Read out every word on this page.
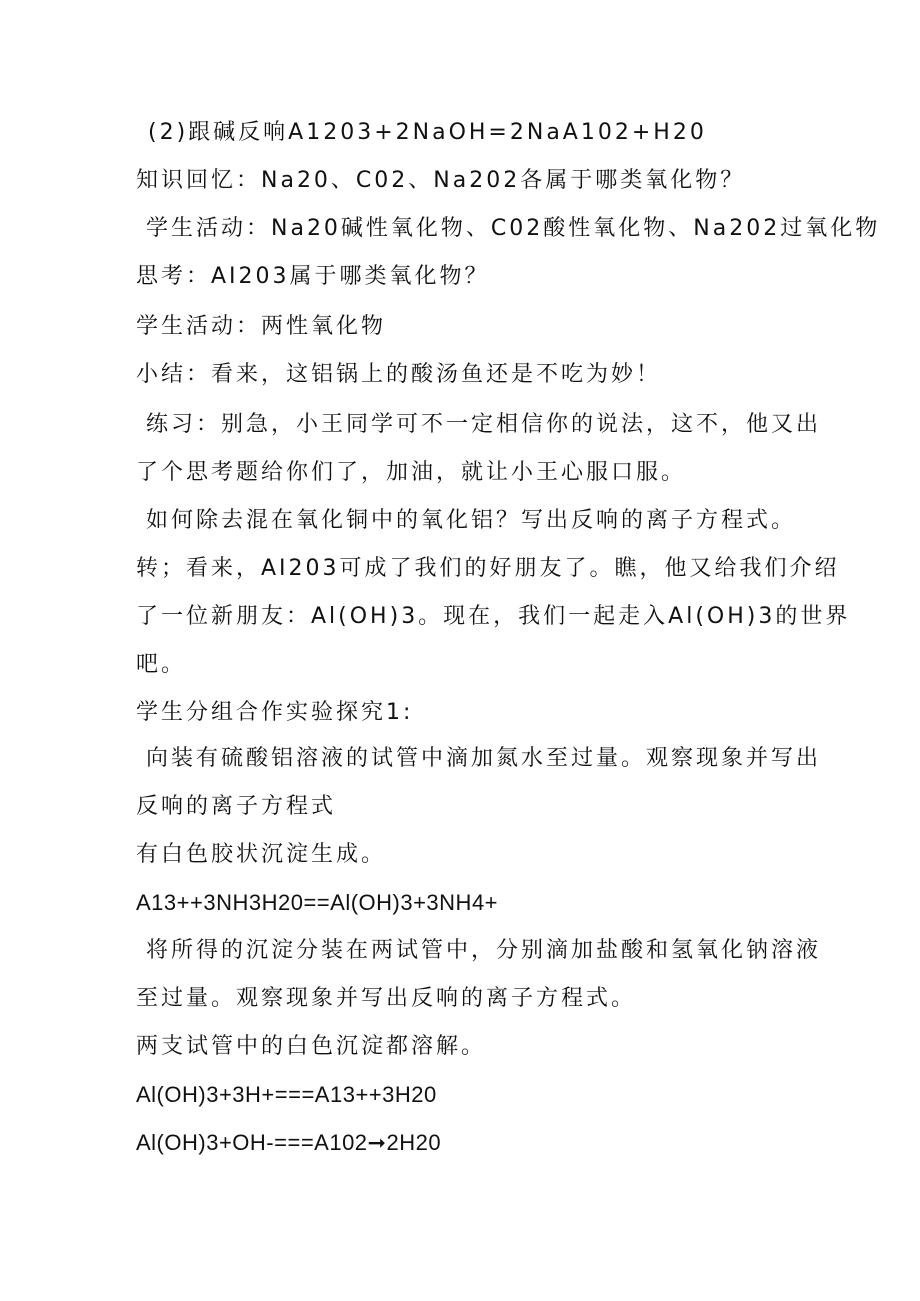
(2)跟碱反响A1203+2NaOH=2NaA102+H20
知识回忆：Na20、C02、Na202各属于哪类氧化物？
学生活动：Na20碱性氧化物、C02酸性氧化物、Na202过氧化物
思考：AI203属于哪类氧化物？
学生活动：两性氧化物
小结：看来，这铝锅上的酸汤鱼还是不吃为妙！
练习：别急，小王同学可不一定相信你的说法，这不，他又出
了个思考题给你们了，加油，就让小王心服口服。
如何除去混在氧化铜中的氧化铝？写出反响的离子方程式。
转；看来，AI203可成了我们的好朋友了。瞧，他又给我们介绍
了一位新朋友：Al(OH)3。现在，我们一起走入Al(OH)3的世界
吧。
学生分组合作实验探究1:
向装有硫酸铝溶液的试管中滴加氮水至过量。观察现象并写出
反响的离子方程式
有白色胶状沉淀生成。
A13++3NH3H20==Al(OH)3+3NH4+
将所得的沉淀分装在两试管中，分别滴加盐酸和氢氧化钠溶液
至过量。观察现象并写出反响的离子方程式。
两支试管中的白色沉淀都溶解。
Al(OH)3+3H+===A13++3H20
Al(OH)3+OH-===A102➞2H20
